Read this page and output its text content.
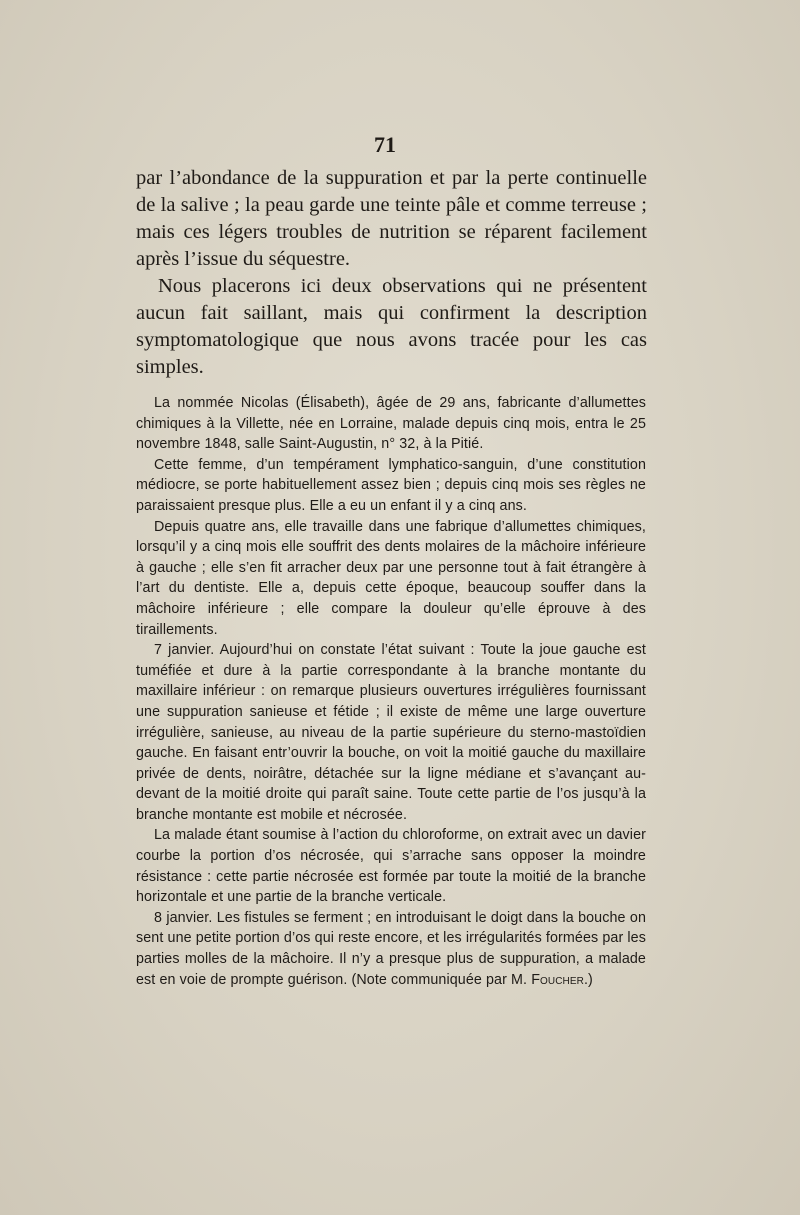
71

par l’abondance de la suppuration et par la perte continuelle de la salive ; la peau garde une teinte pâle et comme terreuse ; mais ces légers troubles de nutrition se réparent facilement après l’issue du séquestre.

Nous placerons ici deux observations qui ne présentent aucun fait saillant, mais qui confirment la description symptomatologique que nous avons tracée pour les cas simples.

La nommée Nicolas (Élisabeth), âgée de 29 ans, fabricante d’allumettes chimiques à la Villette, née en Lorraine, malade depuis cinq mois, entra le 25 novembre 1848, salle Saint-Augustin, n° 32, à la Pitié.

Cette femme, d’un tempérament lymphatico-sanguin, d’une constitution médiocre, se porte habituellement assez bien ; depuis cinq mois ses règles ne paraissaient presque plus. Elle a eu un enfant il y a cinq ans.

Depuis quatre ans, elle travaille dans une fabrique d’allumettes chimiques, lorsqu’il y a cinq mois elle souffrit des dents molaires de la mâchoire inférieure à gauche ; elle s’en fit arracher deux par une personne tout à fait étrangère à l’art du dentiste. Elle a, depuis cette époque, beaucoup souffer dans la mâchoire inférieure ; elle compare la douleur qu’elle éprouve à des tiraillements.

7 janvier. Aujourd’hui on constate l’état suivant : Toute la joue gauche est tuméfiée et dure à la partie correspondante à la branche montante du maxillaire inférieur : on remarque plusieurs ouvertures irrégulières fournissant une suppuration sanieuse et fétide ; il existe de même une large ouverture irrégulière, sanieuse, au niveau de la partie supérieure du sterno-mastoïdien gauche. En faisant entr’ouvrir la bouche, on voit la moitié gauche du maxillaire privée de dents, noirâtre, détachée sur la ligne médiane et s’avançant au-devant de la moitié droite qui paraît saine. Toute cette partie de l’os jusqu’à la branche montante est mobile et nécrosée.

La malade étant soumise à l’action du chloroforme, on extrait avec un davier courbe la portion d’os nécrosée, qui s’arrache sans opposer la moindre résistance : cette partie nécrosée est formée par toute la moitié de la branche horizontale et une partie de la branche verticale.

8 janvier. Les fistules se ferment ; en introduisant le doigt dans la bouche on sent une petite portion d’os qui reste encore, et les irrégularités formées par les parties molles de la mâchoire. Il n’y a presque plus de suppuration, a malade est en voie de prompte guérison. (Note communiquée par M. Foucher.)
